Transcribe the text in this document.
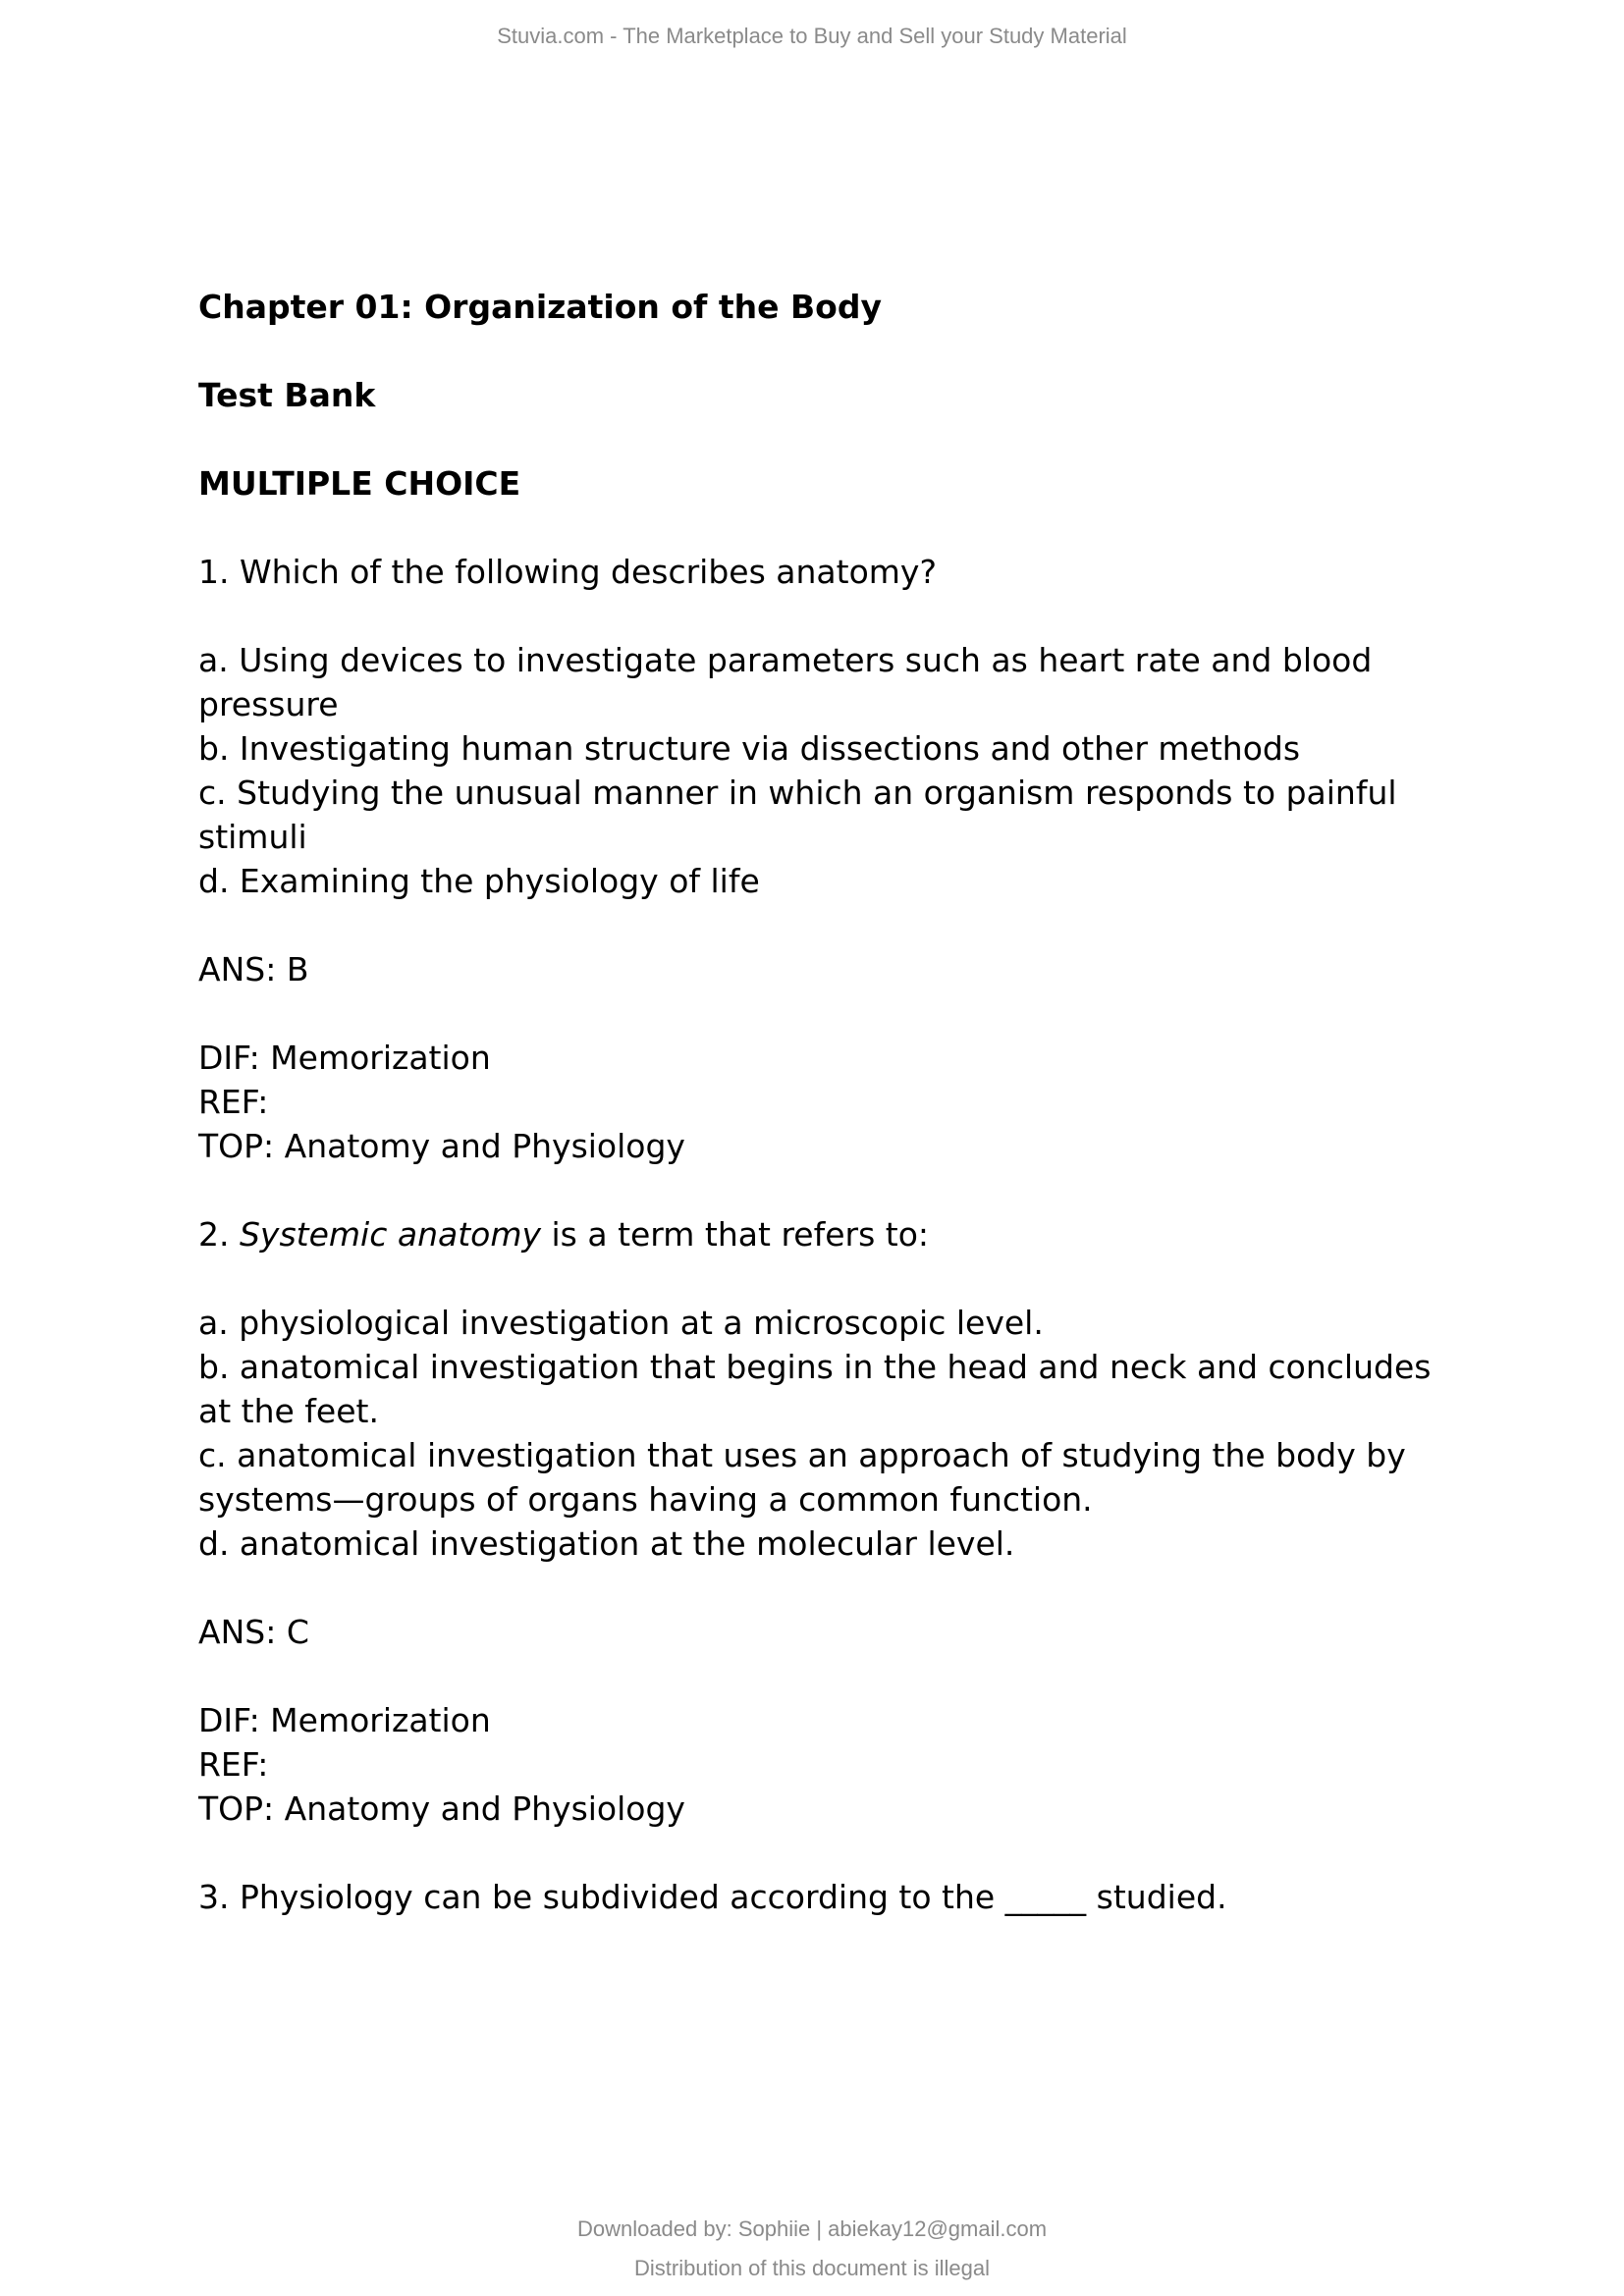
Stuvia.com - The Marketplace to Buy and Sell your Study Material
Chapter 01: Organization of the Body
Test Bank
MULTIPLE CHOICE
1. Which of the following describes anatomy?
a. Using devices to investigate parameters such as heart rate and blood
pressure
b. Investigating human structure via dissections and other methods
c. Studying the unusual manner in which an organism responds to painful
stimuli
d. Examining the physiology of life
ANS: B
DIF: Memorization
REF:
TOP: Anatomy and Physiology
2. Systemic anatomy is a term that refers to:
a. physiological investigation at a microscopic level.
b. anatomical investigation that begins in the head and neck and concludes
at the feet.
c. anatomical investigation that uses an approach of studying the body by
systems—groups of organs having a common function.
d. anatomical investigation at the molecular level.
ANS: C
DIF: Memorization
REF:
TOP: Anatomy and Physiology
3. Physiology can be subdivided according to the _____ studied.
Downloaded by: Sophiie | abiekay12@gmail.com
Distribution of this document is illegal
